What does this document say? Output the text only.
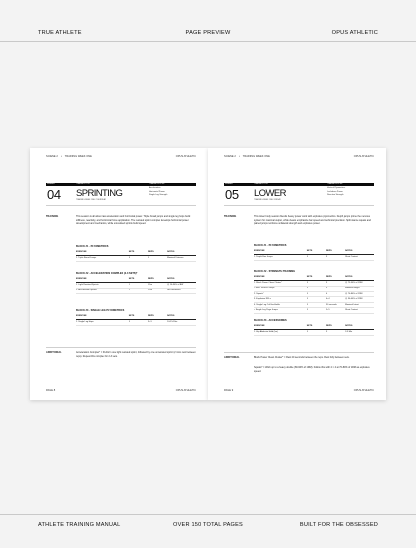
TRUE ATHLETE	PAGE PREVIEW	OPUS ATHLETIC
SCIENE 2 • TRAINING WEEK ONE	OPUS ATHLETIC
NUMBER	TRAINING TYPE	TRAINING FOCUS
04 SPRINTING
TRAINING WEEK ONE / THURSDAY
Acceleration
Horizontal Power
Single Leg Strength
TRAINING	This session is all about raw acceleration and horizontal power. Triple broad jumps and single leg hops build stiffness, reactivity, and horizontal force application. The resisted sprint complex develops horizontal power development and mechanics, while unresisted sprints build speed.
BLOCK #1 - PLYOMETRICS
EXERCISE	SETS	REPS	NOTES
1. Triple Broad Jumps	3	1	Maximal Distance
BLOCK #2 - ACCELERATION COMPLEX (2-3 SETS)*
EXERCISE	SETS	REPS	NOTES
1. Light Resisted Sprints	1	15m	@ 10-30% of BW
2. Acceleration Sprints	1	15m	No Resistance
BLOCK #3 - SINGLE LEG PLYOMETRICS
EXERCISE	SETS	REPS	NOTES
1. Single Leg Hops	3	3+3	10-15-20m
ADDITIONAL	Acceleration Complex* = Perform one light resisted sprint, followed by one unresisted sprint (2 mins rest between reps). Repeat this complex for 2-3 sets.
PAGE 8	OPUS ATHLETIC
SCIENE 2 • TRAINING WEEK ONE	OPUS ATHLETIC
NUMBER	TRAINING TYPE	TRAINING FOCUS
05 LOWER
TRAINING WEEK ONE / FRIDAY
Vertical Plyometrics
Lockdown Power
Reactive Strength
TRAINING	This lower body session blends heavy power work with explosive plyometrics. Depth jumps prime the nervous system for maximal output, while cleans emphasize bar speed and technical precision. Split stance squats and paired jumps reinforce unilateral strength and explosive power.
BLOCK #1 - PLYOMETRICS
EXERCISE	SETS	REPS	NOTES
1. Depth Box Jumps	3	3	Short Contact
BLOCK #2 - STRENGTH TRAINING
EXERCISE	SETS	REPS	NOTES
1. Block Power Clean Cluster*	3	3	@ 75-90% of 1RM
+ Max. Vertical Jumps	3	3	Maximal Height
2. Squats*	3	4	@ 70-80% of 1RM
3. Explosive RFLs	3	4+4	@ 30-40% of 1RM
4. Single Leg Calf Iso-Holds	3	30 seconds	Maximal Intent
+ Single Leg Pogo Jumps	3	5+5	Short Contact
BLOCK #3 - ACCESSORIES
EXERCISE	SETS	REPS	NOTES
1. Hip Abductor Hold (Iso)	3	3	2-3 Min
ADDITIONAL	Block Power Clean Cluster* = Rest 20 seconds between the reps. Rest fully between sets.
Squats* = Work up to a heavy double (80-90% of 1RM). Follow this with 4 × 4 at 70-80% of 1RM as explosive speed.
PAGE 9	OPUS ATHLETIC
ATHLETE TRAINING MANUAL	OVER 150 TOTAL PAGES	BUILT FOR THE OBSESSED
